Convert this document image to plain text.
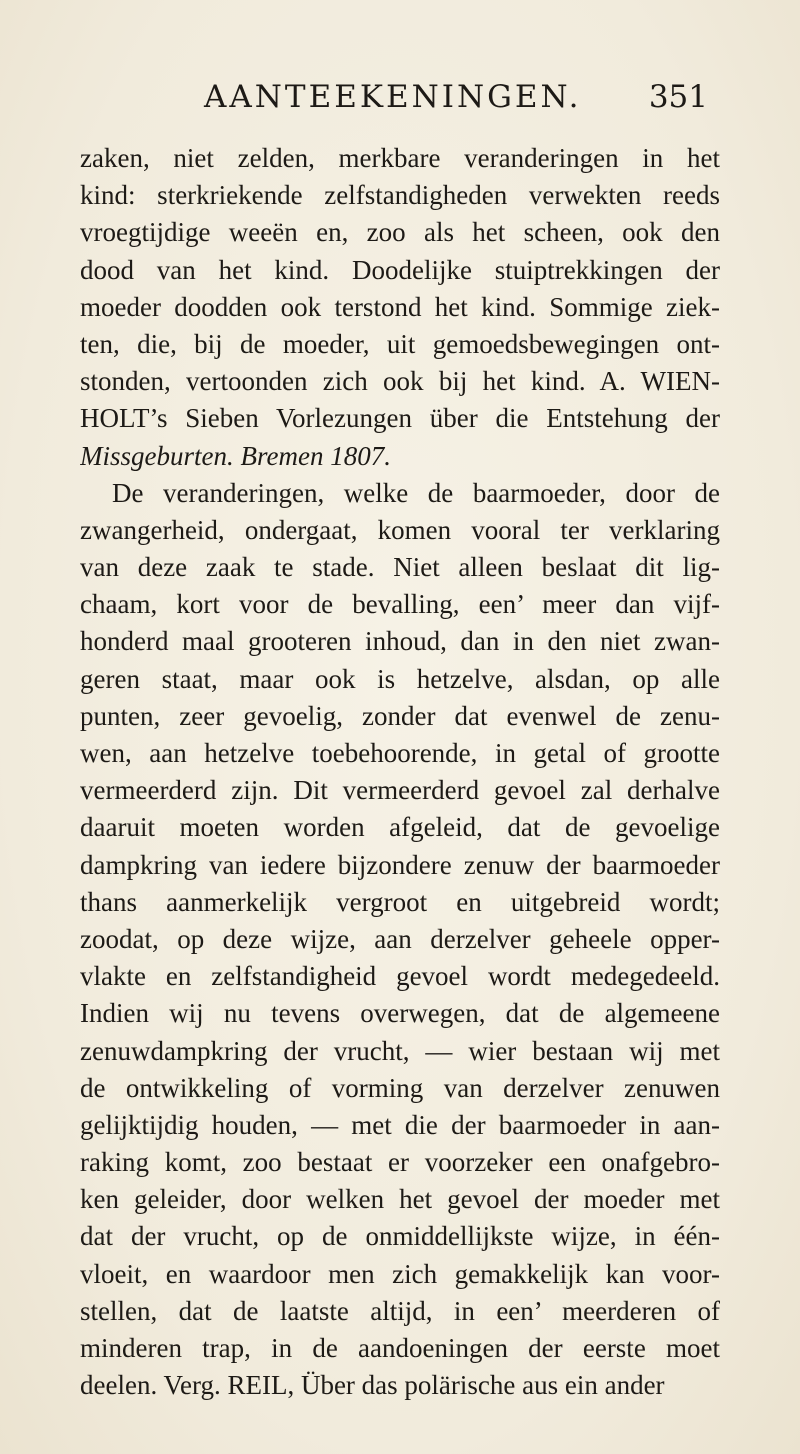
AANTEEKENINGEN. 351
zaken, niet zelden, merkbare veranderingen in het
kind: sterkriekende zelfstandigheden verwekten reeds
vroegtijdige weeën en, zoo als het scheen, ook den
dood van het kind. Doodelijke stuiptrekkingen der
moeder doodden ook terstond het kind. Sommige ziek-
ten, die, bij de moeder, uit gemoedsbewegingen ont-
stonden, vertoonden zich ook bij het kind. A. WIEN-
HOLT’s Sieben Vorlezungen über die Entstehung der
Missgeburten. Bremen 1807.
De veranderingen, welke de baarmoeder, door de
zwangerheid, ondergaat, komen vooral ter verklaring
van deze zaak te stade. Niet alleen beslaat dit lig-
chaam, kort voor de bevalling, een’ meer dan vijf-
honderd maal grooteren inhoud, dan in den niet zwan-
geren staat, maar ook is hetzelve, alsdan, op alle
punten, zeer gevoelig, zonder dat evenwel de zenu-
wen, aan hetzelve toebehoorende, in getal of grootte
vermeerderd zijn. Dit vermeerderd gevoel zal derhalve
daaruit moeten worden afgeleid, dat de gevoelige
dampkring van iedere bijzondere zenuw der baarmoeder
thans aanmerkelijk vergroot en uitgebreid wordt;
zoodat, op deze wijze, aan derzelver geheele opper-
vlakte en zelfstandigheid gevoel wordt medegedeeld.
Indien wij nu tevens overwegen, dat de algemeene
zenuwdampkring der vrucht, — wier bestaan wij met
de ontwikkeling of vorming van derzelver zenuwen
gelijktijdig houden, — met die der baarmoeder in aan-
raking komt, zoo bestaat er voorzeker een onafgebro-
ken geleider, door welken het gevoel der moeder met
dat der vrucht, op de onmiddellijkste wijze, in één-
vloeit, en waardoor men zich gemakkelijk kan voor-
stellen, dat de laatste altijd, in een’ meerderen of
minderen trap, in de aandoeningen der eerste moet
deelen. Verg. REIL, Über das polärische aus ein ander
